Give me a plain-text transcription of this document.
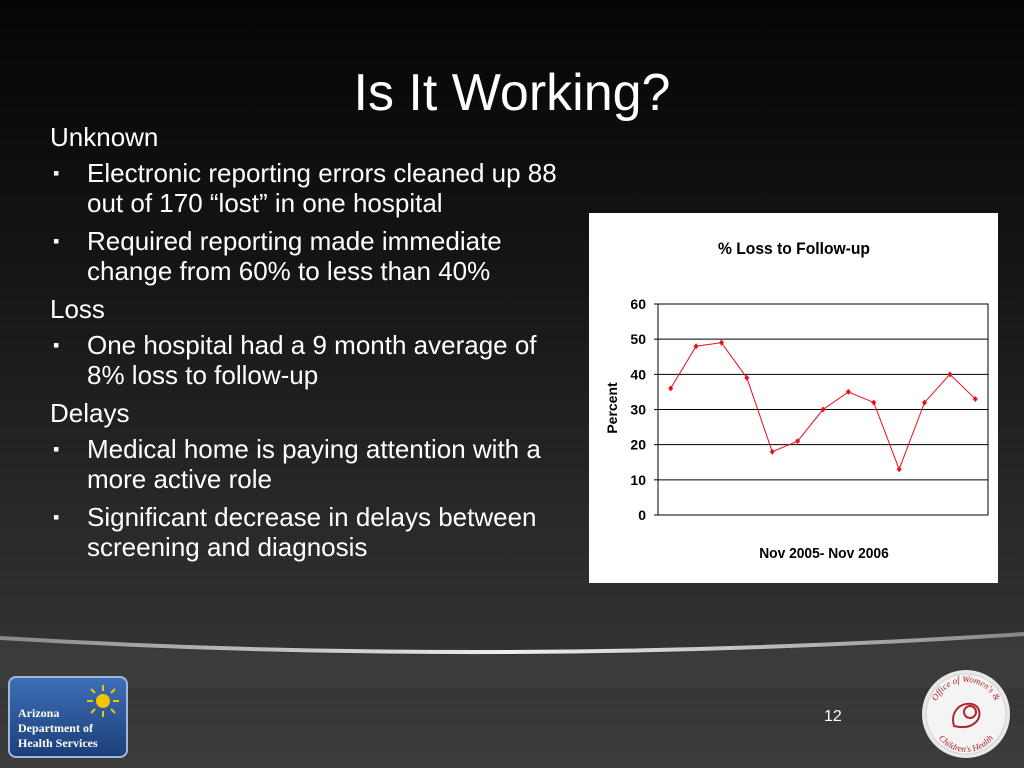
Is It Working?
Unknown
▪ Electronic reporting errors cleaned up 88 out of 170 “lost” in one hospital
▪ Required reporting made immediate change from 60% to less than 40%
Loss
▪ One hospital had a 9 month average of 8% loss to follow-up
Delays
▪ Medical home is paying attention with a more active role
▪ Significant decrease in delays between screening and diagnosis
% Loss to Follow-up
0
10
20
30
40
50
60
Percent
Nov 2005- Nov 2006
Arizona
Department of
Health Services
12
Office of Women's &
Children's Health
